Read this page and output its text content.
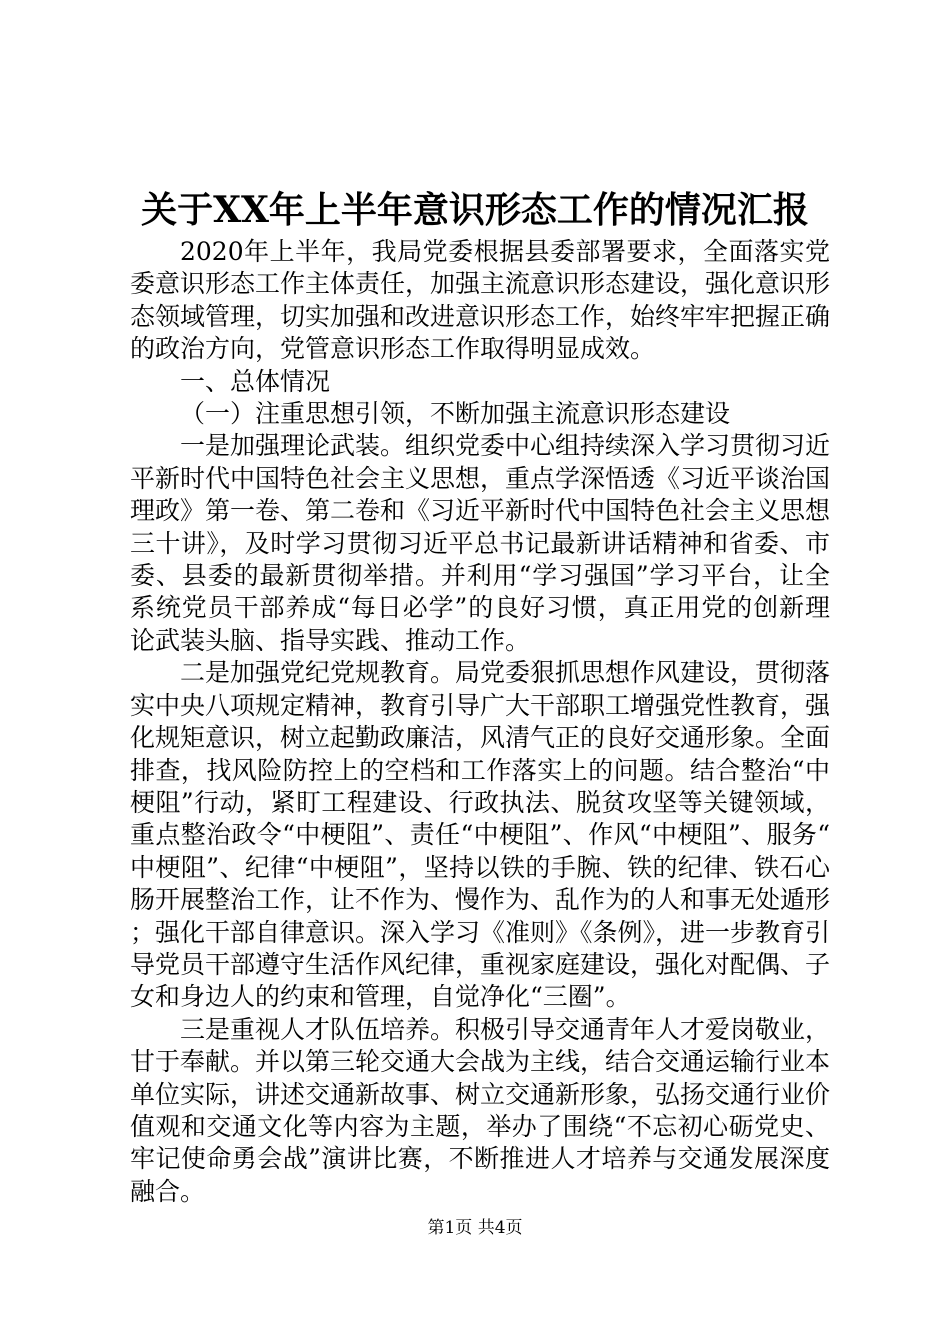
关于XX年上半年意识形态工作的情况汇报

2020年上半年，我局党委根据县委部署要求，全面落实党委意识形态工作主体责任，加强主流意识形态建设，强化意识形态领域管理，切实加强和改进意识形态工作，始终牢牢把握正确的政治方向，党管意识形态工作取得明显成效。

一、总体情况

（一）注重思想引领，不断加强主流意识形态建设

一是加强理论武装。组织党委中心组持续深入学习贯彻习近平新时代中国特色社会主义思想，重点学深悟透《习近平谈治国理政》第一卷、第二卷和《习近平新时代中国特色社会主义思想三十讲》，及时学习贯彻习近平总书记最新讲话精神和省委、市委、县委的最新贯彻举措。并利用“学习强国”学习平台，让全系统党员干部养成“每日必学”的良好习惯，真正用党的创新理论武装头脑、指导实践、推动工作。

二是加强党纪党规教育。局党委狠抓思想作风建设，贯彻落实中央八项规定精神，教育引导广大干部职工增强党性教育，强化规矩意识，树立起勤政廉洁，风清气正的良好交通形象。全面排查，找风险防控上的空档和工作落实上的问题。结合整治“中梗阻”行动，紧盯工程建设、行政执法、脱贫攻坚等关键领域，重点整治政令“中梗阻”、责任“中梗阻”、作风“中梗阻”、服务“中梗阻”、纪律“中梗阻”，坚持以铁的手腕、铁的纪律、铁石心肠开展整治工作，让不作为、慢作为、乱作为的人和事无处遁形；强化干部自律意识。深入学习《准则》《条例》，进一步教育引导党员干部遵守生活作风纪律，重视家庭建设，强化对配偶、子女和身边人的约束和管理，自觉净化“三圈”。

三是重视人才队伍培养。积极引导交通青年人才爱岗敬业，甘于奉献。并以第三轮交通大会战为主线，结合交通运输行业本单位实际，讲述交通新故事、树立交通新形象，弘扬交通行业价值观和交通文化等内容为主题，举办了围绕“不忘初心砺党史、牢记使命勇会战”演讲比赛，不断推进人才培养与交通发展深度融合。

第1页 共4页
